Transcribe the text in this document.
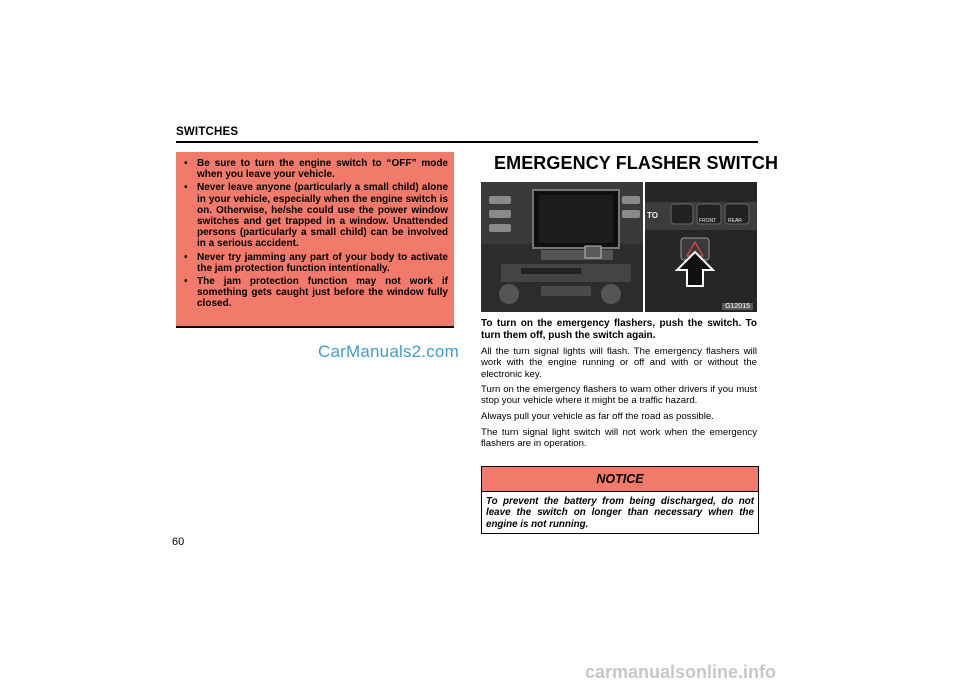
SWITCHES
• Be sure to turn the engine switch to “OFF” mode when you leave your vehicle.
• Never leave anyone (particularly a small child) alone in your vehicle, especially when the engine switch is on. Otherwise, he/she could use the power window switches and get trapped in a window. Unattended persons (particularly a small child) can be involved in a serious accident.
• Never try jamming any part of your body to activate the jam protection function intentionally.
• The jam protection function may not work if something gets caught just before the window fully closed.
CarManuals2.com
EMERGENCY FLASHER SWITCH
TO
FRONT REAR
G12015

To turn on the emergency flashers, push the switch. To turn them off, push the switch again.

All the turn signal lights will flash. The emergency flashers will work with the engine running or off and with or without the electronic key.

Turn on the emergency flashers to warn other drivers if you must stop your vehicle where it might be a traffic hazard.

Always pull your vehicle as far off the road as possible.

The turn signal light switch will not work when the emergency flashers are in operation.

NOTICE
To prevent the battery from being discharged, do not leave the switch on longer than necessary when the engine is not running.
60
carmanualsonline.info
